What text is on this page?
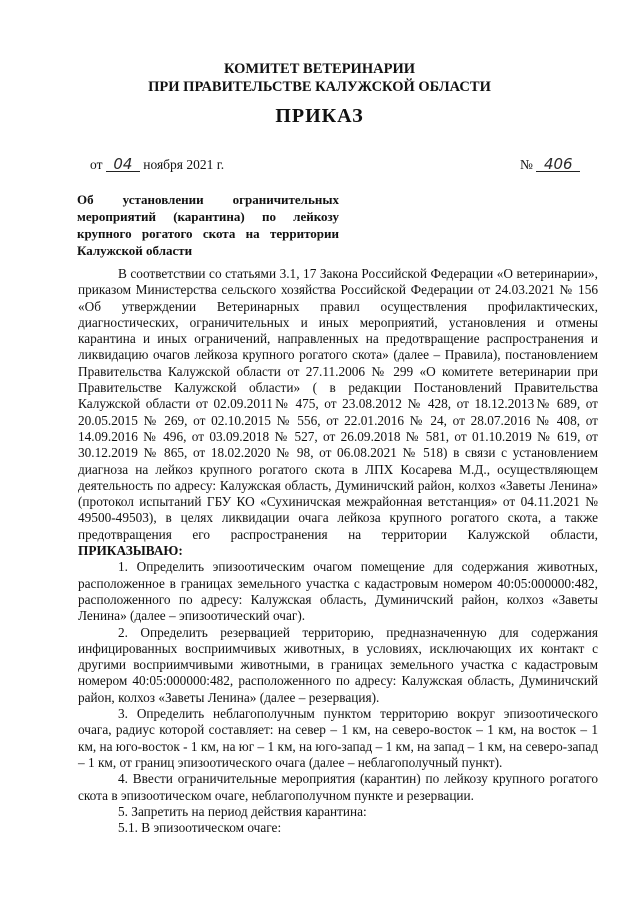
КОМИТЕТ ВЕТЕРИНАРИИ
ПРИ ПРАВИТЕЛЬСТВЕ КАЛУЖСКОЙ ОБЛАСТИ
ПРИКАЗ
от 04 ноября 2021 г.	№ 406
Об установлении ограничительных мероприятий (карантина) по лейкозу крупного рогатого скота на территории Калужской области

В соответствии со статьями 3.1, 17 Закона Российской Федерации «О ветеринарии», приказом Министерства сельского хозяйства Российской Федерации от 24.03.2021 № 156 «Об утверждении Ветеринарных правил осуществления профилактических, диагностических, ограничительных и иных мероприятий, установления и отмены карантина и иных ограничений, направленных на предотвращение распространения и ликвидацию очагов лейкоза крупного рогатого скота» (далее – Правила), постановлением Правительства Калужской области от 27.11.2006 № 299 «О комитете ветеринарии при Правительстве Калужской области» ( в редакции Постановлений Правительства Калужской области от 02.09.2011№ 475, от 23.08.2012 № 428, от 18.12.2013№ 689, от 20.05.2015 № 269, от 02.10.2015 № 556, от 22.01.2016 № 24, от 28.07.2016 № 408, от 14.09.2016 № 496, от 03.09.2018 № 527, от 26.09.2018 № 581, от 01.10.2019 № 619, от 30.12.2019 № 865, от 18.02.2020 № 98, от 06.08.2021 № 518) в связи с установлением диагноза на лейкоз крупного рогатого скота в ЛПХ Косарева М.Д., осуществляющем деятельность по адресу: Калужская область, Думиничский район, колхоз «Заветы Ленина» (протокол испытаний ГБУ КО «Сухиничская межрайонная ветстанция» от 04.11.2021 № 49500-49503), в целях ликвидации очага лейкоза крупного рогатого скота, а также предотвращения его распространения на территории Калужской области, ПРИКАЗЫВАЮ:

1. Определить эпизоотическим очагом помещение для содержания животных, расположенное в границах земельного участка с кадастровым номером 40:05:000000:482, расположенного по адресу: Калужская область, Думиничский район, колхоз «Заветы Ленина» (далее – эпизоотический очаг).

2. Определить резервацией территорию, предназначенную для содержания инфицированных восприимчивых животных, в условиях, исключающих их контакт с другими восприимчивыми животными, в границах земельного участка с кадастровым номером 40:05:000000:482, расположенного по адресу: Калужская область, Думиничский район, колхоз «Заветы Ленина» (далее – резервация).

3. Определить неблагополучным пунктом территорию вокруг эпизоотического очага, радиус которой составляет: на север – 1 км, на северо-восток – 1 км, на восток – 1 км, на юго-восток - 1 км, на юг – 1 км, на юго-запад – 1 км, на запад – 1 км, на северо-запад – 1 км, от границ эпизоотического очага (далее – неблагополучный пункт).

4. Ввести ограничительные мероприятия (карантин) по лейкозу крупного рогатого скота в эпизоотическом очаге, неблагополучном пункте и резервации.

5. Запретить на период действия карантина:

5.1. В эпизоотическом очаге:
